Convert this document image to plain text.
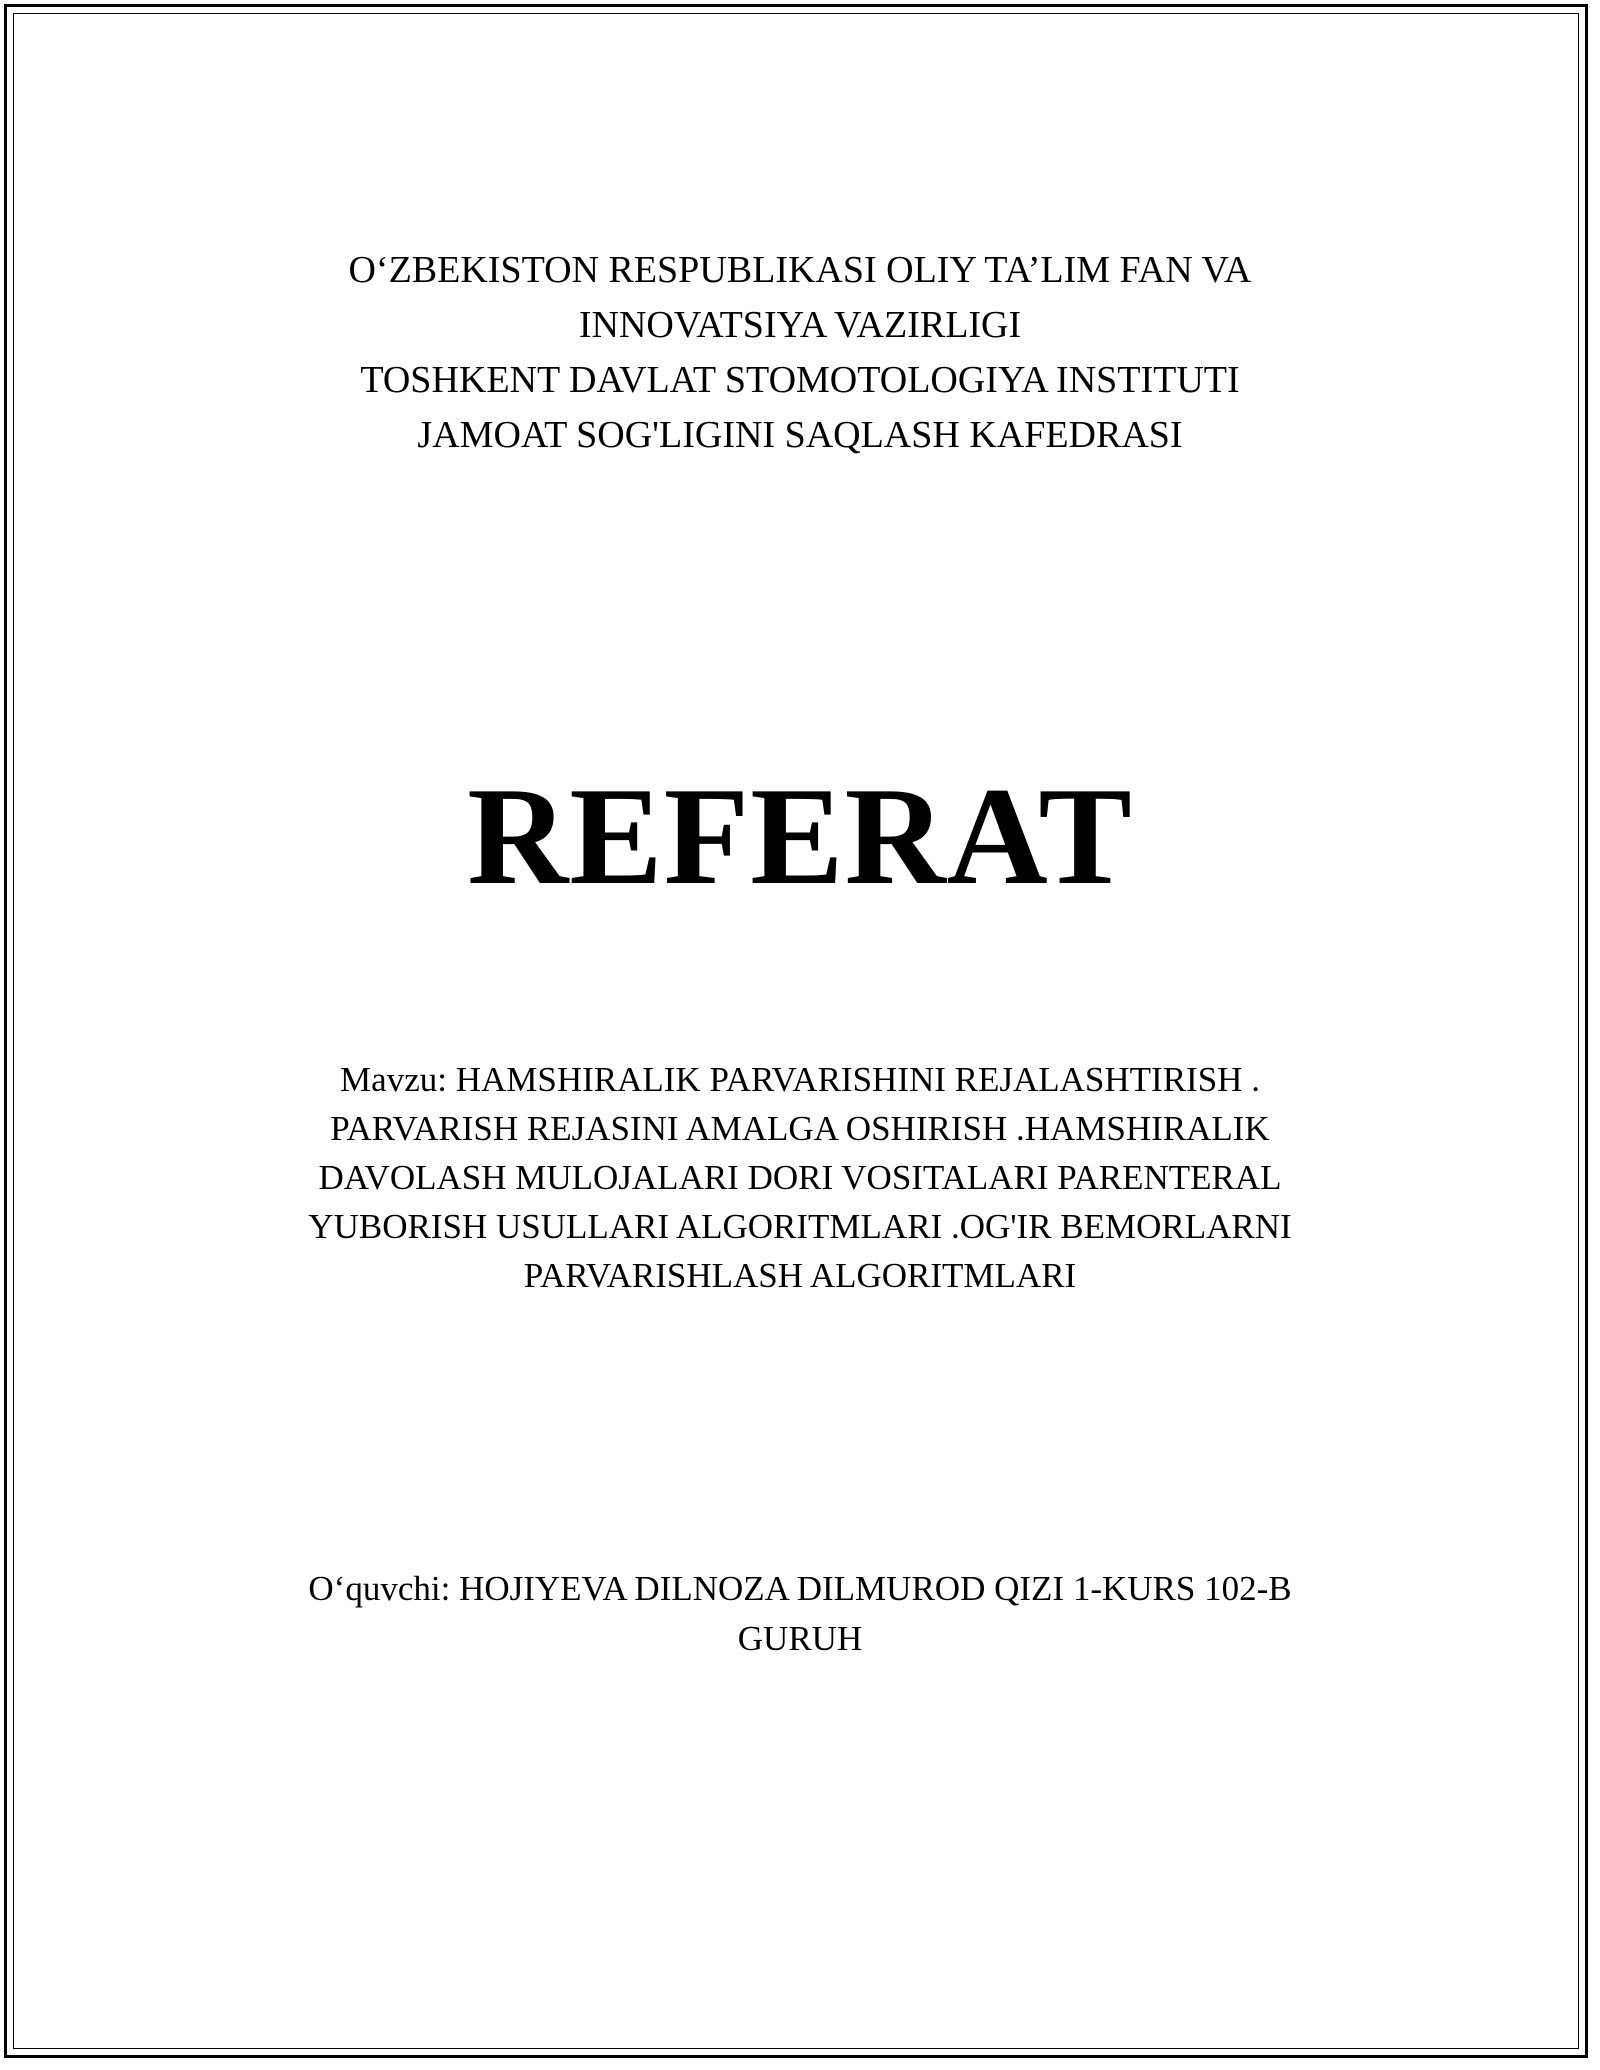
O‘ZBEKISTON RESPUBLIKASI OLIY TA’LIM FAN VA
INNOVATSIYA VAZIRLIGI
TOSHKENT DAVLAT STOMOTOLOGIYA INSTITUTI
JAMOAT SOG'LIGINI SAQLASH KAFEDRASI
REFERAT
Mavzu: HAMSHIRALIK PARVARISHINI REJALASHTIRISH .
PARVARISH REJASINI AMALGA OSHIRISH .HAMSHIRALIK
DAVOLASH MULOJALARI DORI VOSITALARI PARENTERAL
YUBORISH USULLARI ALGORITMLARI .OG'IR BEMORLARNI
PARVARISHLASH ALGORITMLARI
O‘quvchi: HOJIYEVA DILNOZA DILMUROD QIZI 1-KURS 102-B
GURUH
